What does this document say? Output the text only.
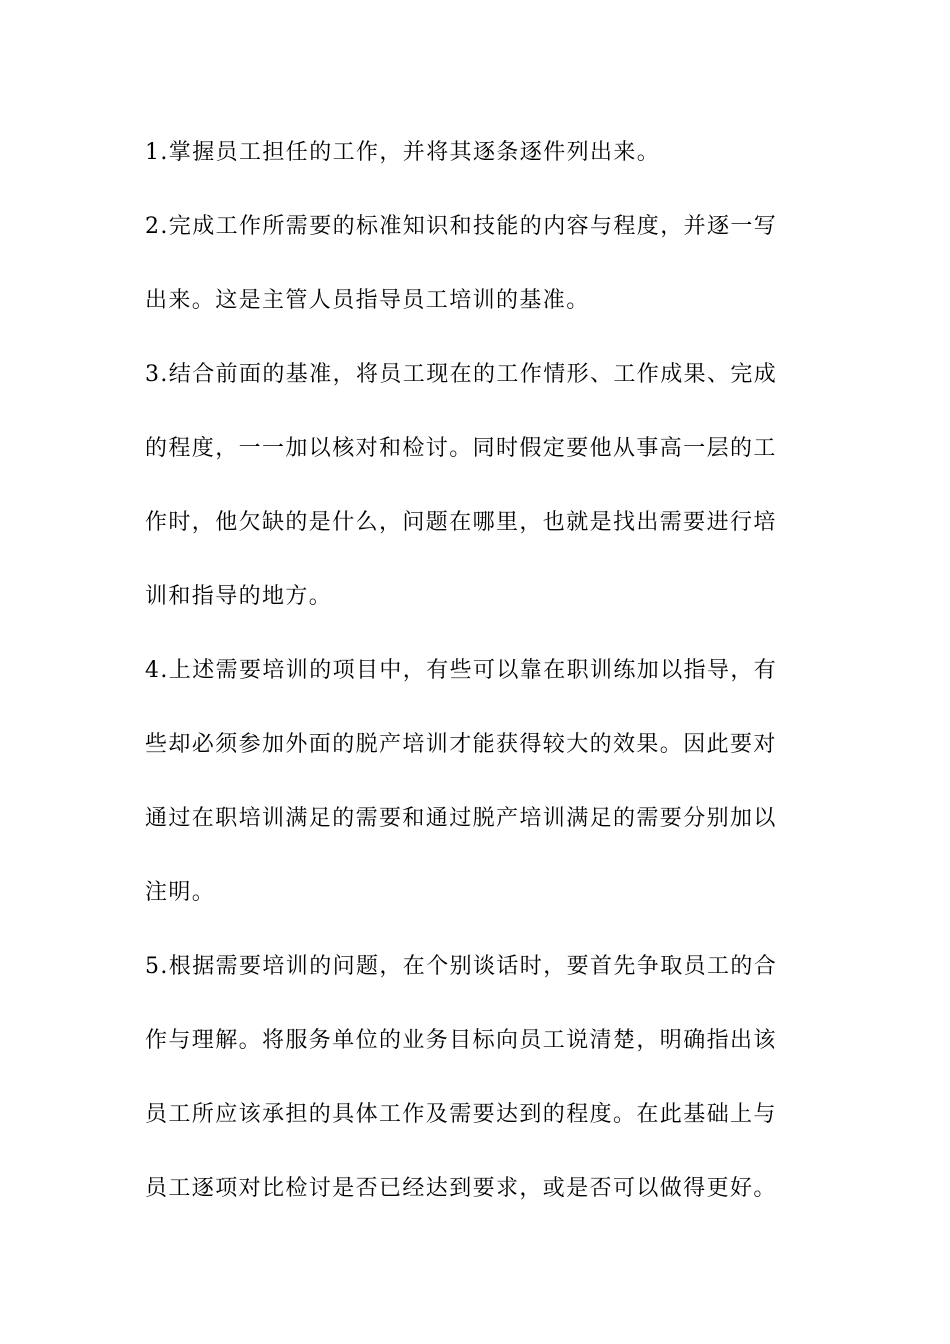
1.掌握员工担任的工作，并将其逐条逐件列出来。
2.完成工作所需要的标准知识和技能的内容与程度，并逐一写
出来。这是主管人员指导员工培训的基准。
3.结合前面的基准，将员工现在的工作情形、工作成果、完成
的程度，一一加以核对和检讨。同时假定要他从事高一层的工
作时，他欠缺的是什么，问题在哪里，也就是找出需要进行培
训和指导的地方。
4.上述需要培训的项目中，有些可以靠在职训练加以指导，有
些却必须参加外面的脱产培训才能获得较大的效果。因此要对
通过在职培训满足的需要和通过脱产培训满足的需要分别加以
注明。
5.根据需要培训的问题，在个别谈话时，要首先争取员工的合
作与理解。将服务单位的业务目标向员工说清楚，明确指出该
员工所应该承担的具体工作及需要达到的程度。在此基础上与
员工逐项对比检讨是否已经达到要求，或是否可以做得更好。
